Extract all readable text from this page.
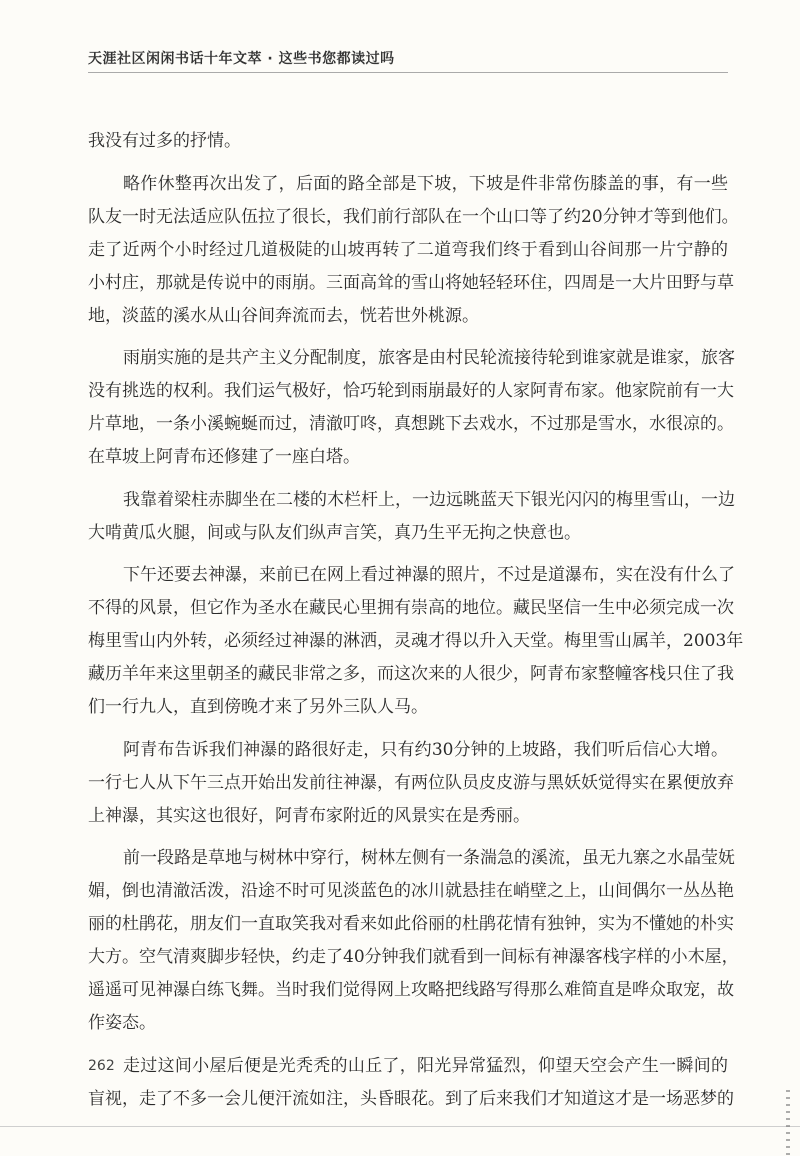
天涯社区闲闲书话十年文萃 · 这些书您都读过吗
我没有过多的抒情。
略作休整再次出发了，后面的路全部是下坡，下坡是件非常伤膝盖的事，有一些
队友一时无法适应队伍拉了很长，我们前行部队在一个山口等了约20分钟才等到他们。
走了近两个小时经过几道极陡的山坡再转了二道弯我们终于看到山谷间那一片宁静的
小村庄，那就是传说中的雨崩。三面高耸的雪山将她轻轻环住，四周是一大片田野与草
地，淡蓝的溪水从山谷间奔流而去，恍若世外桃源。
雨崩实施的是共产主义分配制度，旅客是由村民轮流接待轮到谁家就是谁家，旅客
没有挑选的权利。我们运气极好，恰巧轮到雨崩最好的人家阿青布家。他家院前有一大
片草地，一条小溪蜿蜒而过，清澈叮咚，真想跳下去戏水，不过那是雪水，水很凉的。
在草坡上阿青布还修建了一座白塔。
我靠着梁柱赤脚坐在二楼的木栏杆上，一边远眺蓝天下银光闪闪的梅里雪山，一边
大啃黄瓜火腿，间或与队友们纵声言笑，真乃生平无拘之快意也。
下午还要去神瀑，来前已在网上看过神瀑的照片，不过是道瀑布，实在没有什么了
不得的风景，但它作为圣水在藏民心里拥有崇高的地位。藏民坚信一生中必须完成一次
梅里雪山内外转，必须经过神瀑的淋洒，灵魂才得以升入天堂。梅里雪山属羊，2003年
藏历羊年来这里朝圣的藏民非常之多，而这次来的人很少，阿青布家整幢客栈只住了我
们一行九人，直到傍晚才来了另外三队人马。
阿青布告诉我们神瀑的路很好走，只有约30分钟的上坡路，我们听后信心大增。
一行七人从下午三点开始出发前往神瀑，有两位队员皮皮游与黑妖妖觉得实在累便放弃
上神瀑，其实这也很好，阿青布家附近的风景实在是秀丽。
前一段路是草地与树林中穿行，树林左侧有一条湍急的溪流，虽无九寨之水晶莹妩
媚，倒也清澈活泼，沿途不时可见淡蓝色的冰川就悬挂在峭壁之上，山间偶尔一丛丛艳
丽的杜鹃花，朋友们一直取笑我对看来如此俗丽的杜鹃花情有独钟，实为不懂她的朴实
大方。空气清爽脚步轻快，约走了40分钟我们就看到一间标有神瀑客栈字样的小木屋，
遥遥可见神瀑白练飞舞。当时我们觉得网上攻略把线路写得那么难简直是哗众取宠，故
作姿态。
走过这间小屋后便是光秃秃的山丘了，阳光异常猛烈，仰望天空会产生一瞬间的
盲视，走了不多一会儿便汗流如注，头昏眼花。到了后来我们才知道这才是一场恶梦的
262
